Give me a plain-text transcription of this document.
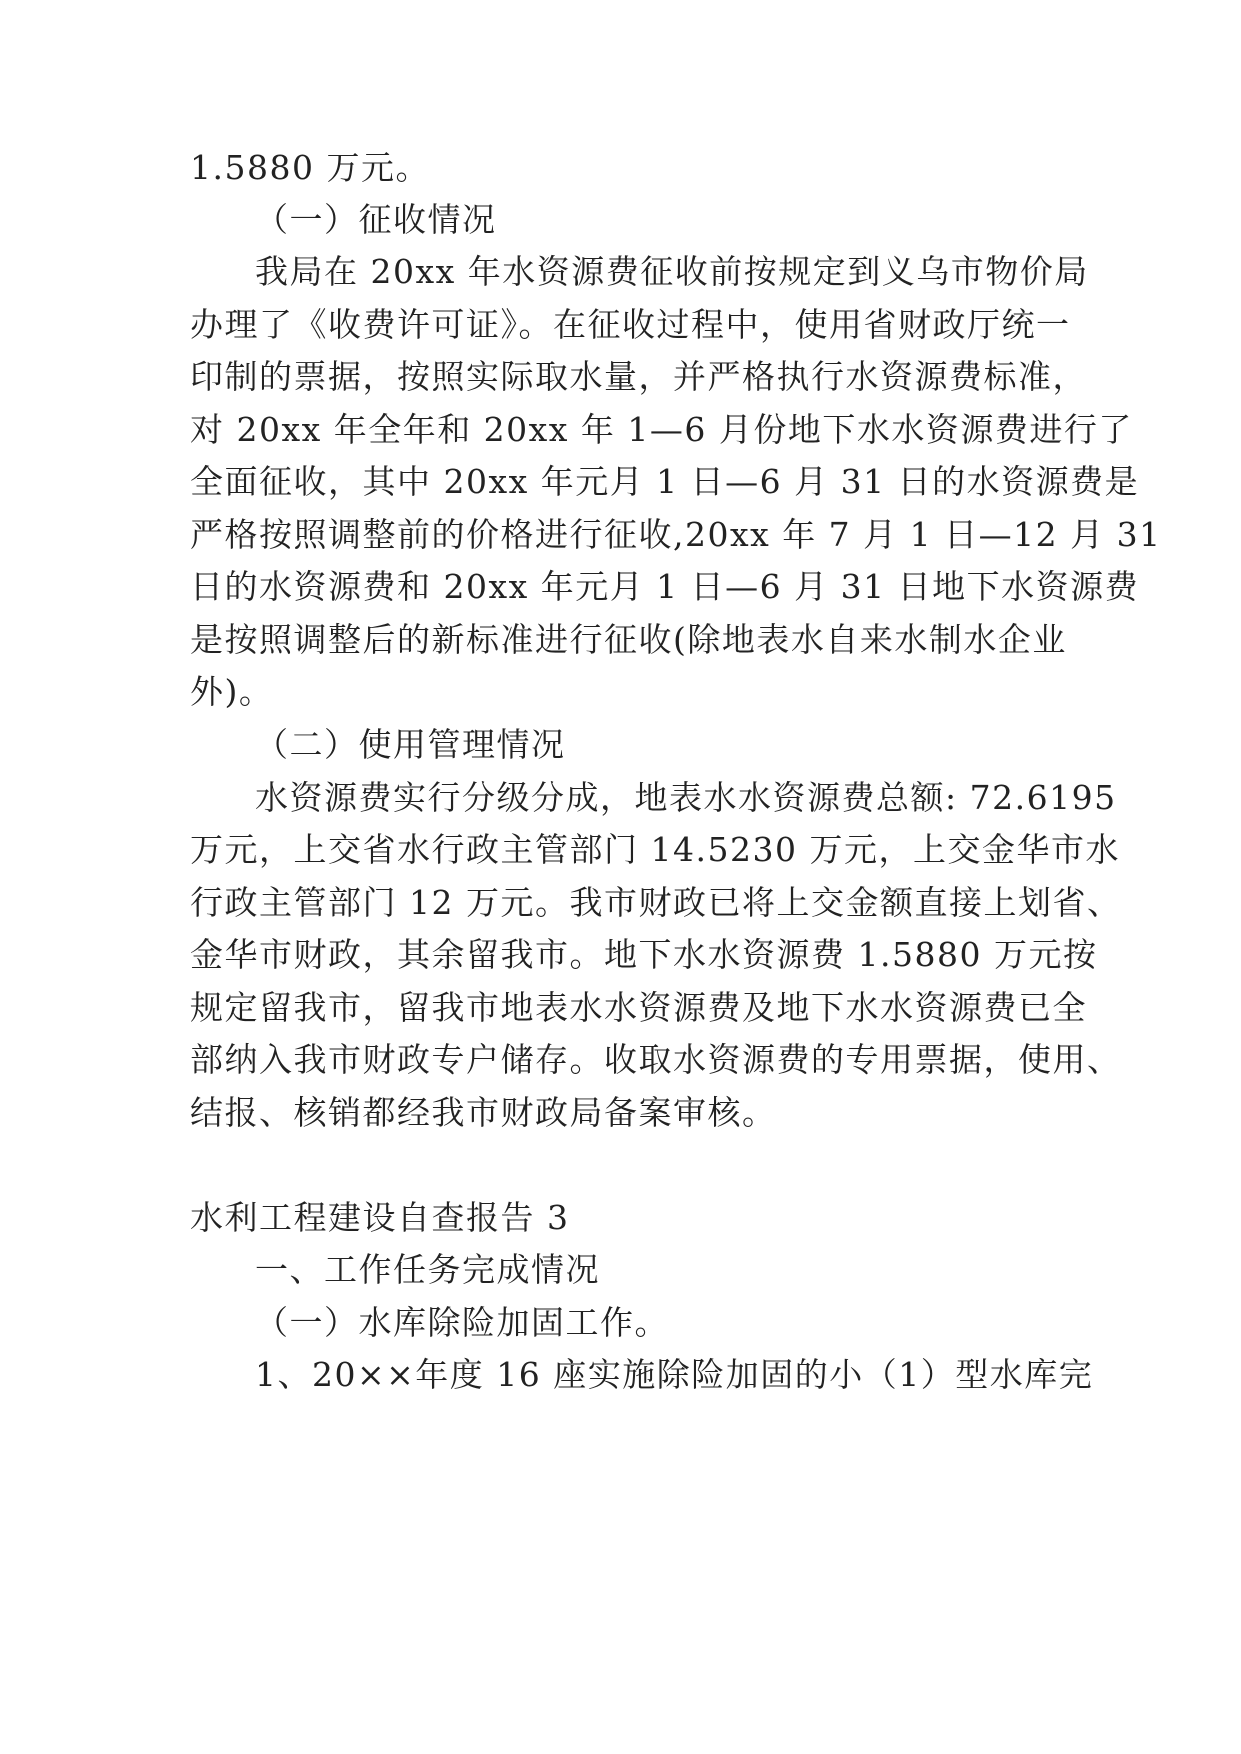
1.5880 万元。
（一）征收情况
我局在 20xx 年水资源费征收前按规定到义乌市物价局
办理了《收费许可证》。在征收过程中，使用省财政厅统一
印制的票据，按照实际取水量，并严格执行水资源费标准，
对 20xx 年全年和 20xx 年 1—6 月份地下水水资源费进行了
全面征收，其中 20xx 年元月 1 日—6 月 31 日的水资源费是
严格按照调整前的价格进行征收,20xx 年 7 月 1 日—12 月 31
日的水资源费和 20xx 年元月 1 日—6 月 31 日地下水资源费
是按照调整后的新标准进行征收(除地表水自来水制水企业
外)。
（二）使用管理情况
水资源费实行分级分成，地表水水资源费总额: 72.6195
万元，上交省水行政主管部门 14.5230 万元，上交金华市水
行政主管部门 12 万元。我市财政已将上交金额直接上划省、
金华市财政，其余留我市。地下水水资源费 1.5880 万元按
规定留我市，留我市地表水水资源费及地下水水资源费已全
部纳入我市财政专户储存。收取水资源费的专用票据，使用、
结报、核销都经我市财政局备案审核。
水利工程建设自查报告 3
一、工作任务完成情况
（一）水库除险加固工作。
1、20××年度 16 座实施除险加固的小（1）型水库完
